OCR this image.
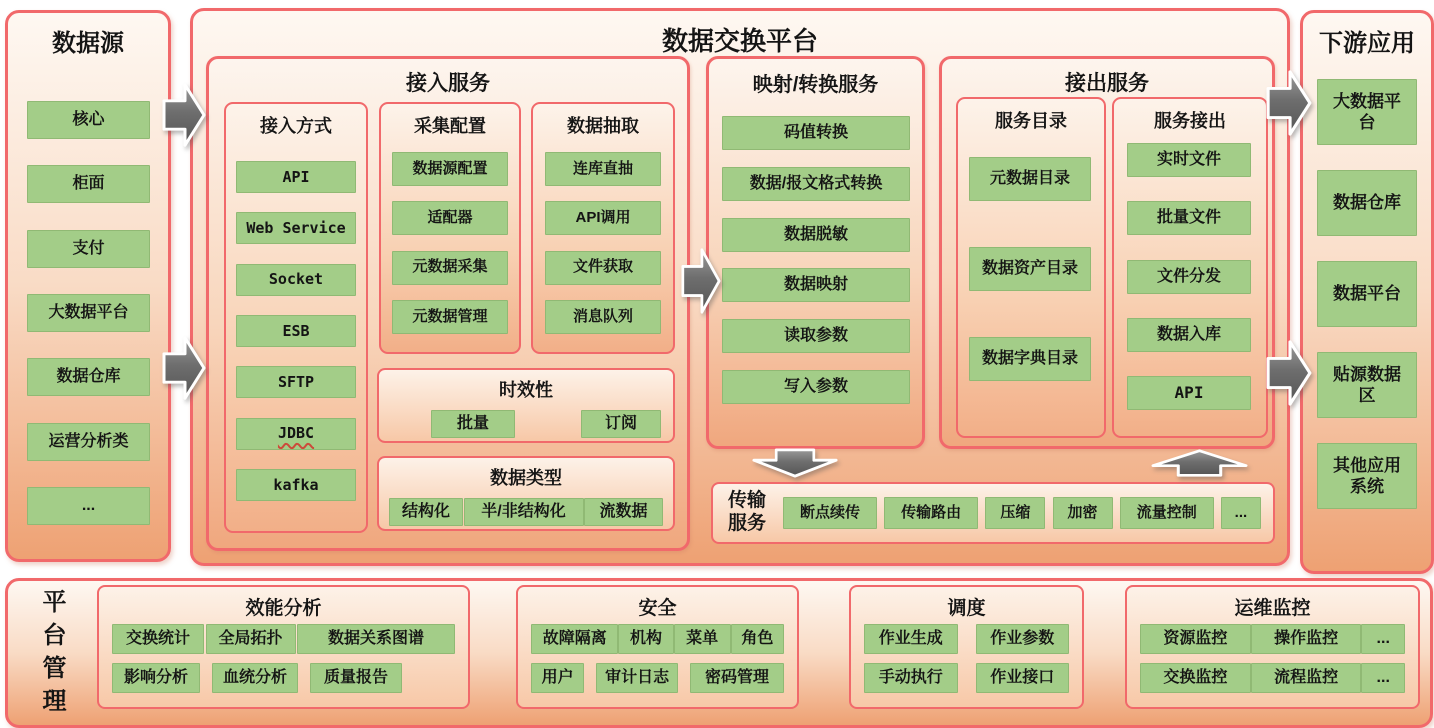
数据源
核心
柜面
支付
大数据平台
数据仓库
运营分析类
...
数据交换平台
接入服务
接入方式
API
Web Service
Socket
ESB
SFTP
JDBC
kafka
采集配置
数据源配置
适配器
元数据采集
元数据管理
数据抽取
连库直抽
API调用
文件获取
消息队列
时效性
批量	订阅
数据类型
结构化	半/非结构化	流数据
映射/转换服务
码值转换
数据/报文格式转换
数据脱敏
数据映射
读取参数
写入参数
接出服务
服务目录
元数据目录
数据资产目录
数据字典目录
服务接出
实时文件
批量文件
文件分发
数据入库
API
传输服务
断点续传	传输路由	压缩	加密	流量控制	...
下游应用
大数据平台
数据仓库
数据平台
贴源数据区
其他应用系统
平台管理	效能分析
交换统计	全局拓扑	数据关系图谱
影响分析	血统分析	质量报告
安全
故障隔离	机构	菜单	角色
用户	审计日志	密码管理
调度
作业生成	作业参数
手动执行	作业接口
运维监控
资源监控	操作监控	...
交换监控	流程监控	...
